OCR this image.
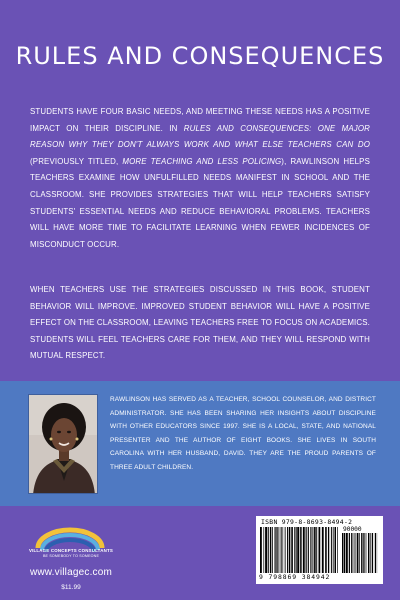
RULES AND CONSEQUENCES
STUDENTS HAVE FOUR BASIC NEEDS, AND MEETING THESE NEEDS HAS A POSITIVE IMPACT ON THEIR DISCIPLINE. IN RULES AND CONSEQUENCES: ONE MAJOR REASON WHY THEY DON'T ALWAYS WORK AND WHAT ELSE TEACHERS CAN DO (PREVIOUSLY TITLED, MORE TEACHING AND LESS POLICING), RAWLINSON HELPS TEACHERS EXAMINE HOW UNFULFILLED NEEDS MANIFEST IN SCHOOL AND THE CLASSROOM. SHE PROVIDES STRATEGIES THAT WILL HELP TEACHERS SATISFY STUDENTS' ESSENTIAL NEEDS AND REDUCE BEHAVIORAL PROBLEMS. TEACHERS WILL HAVE MORE TIME TO FACILITATE LEARNING WHEN FEWER INCIDENCES OF MISCONDUCT OCCUR.
WHEN TEACHERS USE THE STRATEGIES DISCUSSED IN THIS BOOK, STUDENT BEHAVIOR WILL IMPROVE. IMPROVED STUDENT BEHAVIOR WILL HAVE A POSITIVE EFFECT ON THE CLASSROOM, LEAVING TEACHERS FREE TO FOCUS ON ACADEMICS. STUDENTS WILL FEEL TEACHERS CARE FOR THEM, AND THEY WILL RESPOND WITH MUTUAL RESPECT.
RAWLINSON HAS SERVED AS A TEACHER, SCHOOL COUNSELOR, AND DISTRICT ADMINISTRATOR. SHE HAS BEEN SHARING HER INSIGHTS ABOUT DISCIPLINE WITH OTHER EDUCATORS SINCE 1997. SHE IS A LOCAL, STATE, AND NATIONAL PRESENTER AND THE AUTHOR OF EIGHT BOOKS. SHE LIVES IN SOUTH CAROLINA WITH HER HUSBAND, DAVID. THEY ARE THE PROUD PARENTS OF THREE ADULT CHILDREN.
VILLAGE CONCEPTS CONSULTANTS
BE SOMEBODY TO SOMEONE
www.villagec.com
$11.99
ISBN 979-8-8693-8494-2
90000
9 798869 384942
